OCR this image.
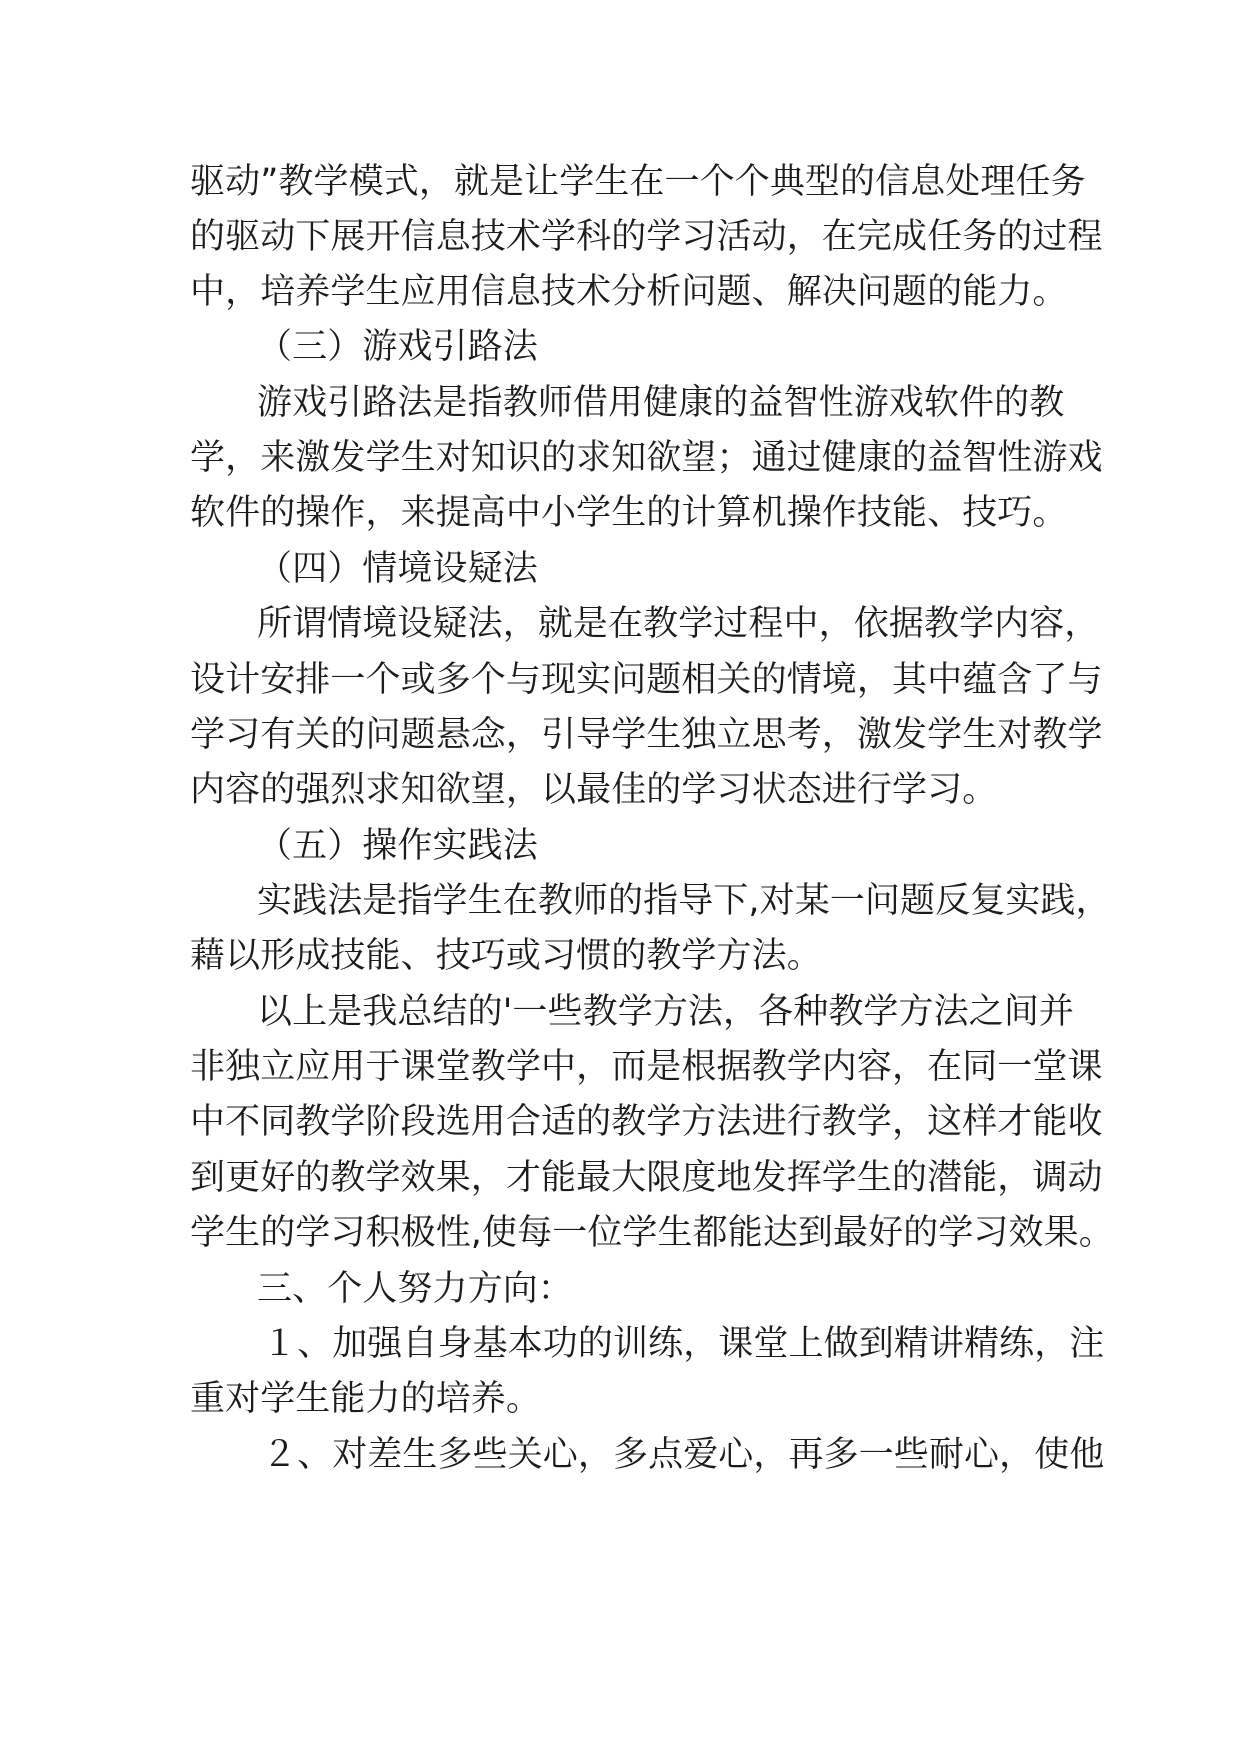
驱动”教学模式，就是让学生在一个个典型的信息处理任务

的驱动下展开信息技术学科的学习活动，在完成任务的过程

中，培养学生应用信息技术分析问题、解决问题的能力。

（三）游戏引路法

游戏引路法是指教师借用健康的益智性游戏软件的教

学，来激发学生对知识的求知欲望；通过健康的益智性游戏

软件的操作，来提高中小学生的计算机操作技能、技巧。

（四）情境设疑法

所谓情境设疑法，就是在教学过程中，依据教学内容，

设计安排一个或多个与现实问题相关的情境，其中蕴含了与

学习有关的问题悬念，引导学生独立思考，激发学生对教学

内容的强烈求知欲望，以最佳的学习状态进行学习。

（五）操作实践法

实践法是指学生在教师的指导下,对某一问题反复实践，

藉以形成技能、技巧或习惯的教学方法。

以上是我总结的'一些教学方法，各种教学方法之间并

非独立应用于课堂教学中，而是根据教学内容，在同一堂课

中不同教学阶段选用合适的教学方法进行教学，这样才能收

到更好的教学效果，才能最大限度地发挥学生的潜能，调动

学生的学习积极性,使每一位学生都能达到最好的学习效果。

三、个人努力方向：

１、加强自身基本功的训练，课堂上做到精讲精练，注

重对学生能力的培养。

２、对差生多些关心，多点爱心，再多一些耐心，使他
